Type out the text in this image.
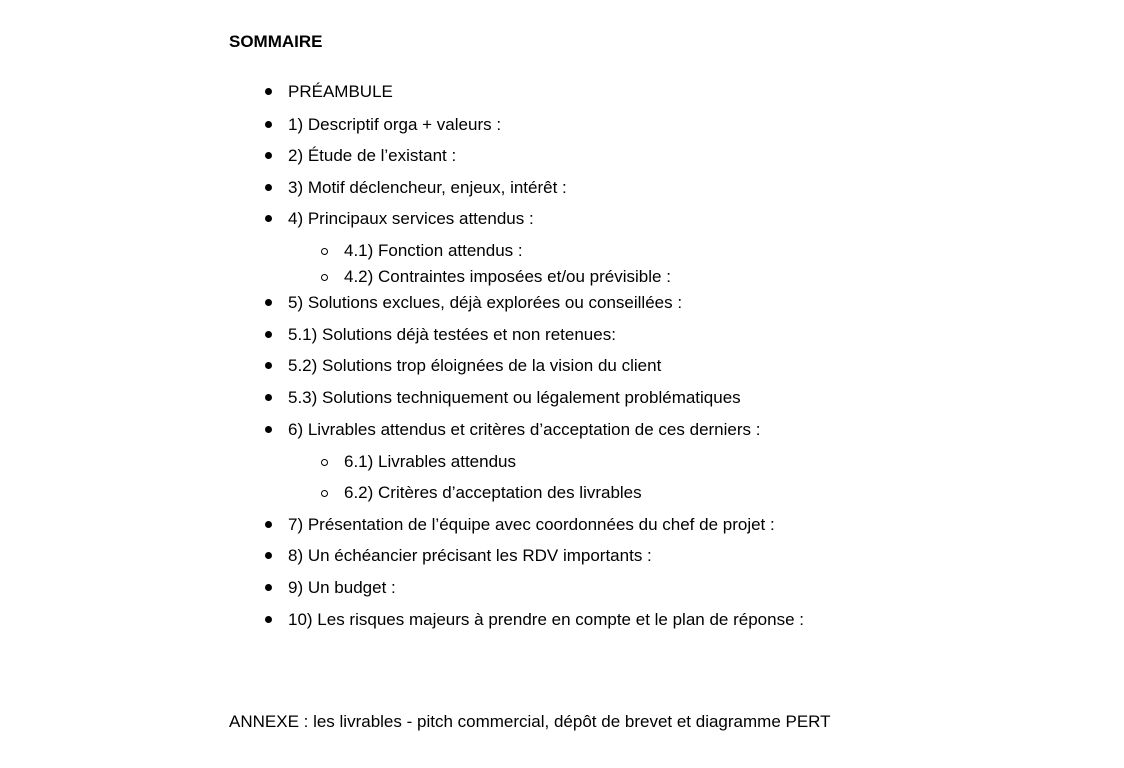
SOMMAIRE
PRÉAMBULE
1) Descriptif orga + valeurs :
2) Étude de l’existant :
3) Motif déclencheur, enjeux, intérêt :
4) Principaux services attendus :
4.1) Fonction attendus :
4.2) Contraintes imposées et/ou prévisible :
5) Solutions exclues, déjà explorées ou conseillées :
5.1) Solutions déjà testées et non retenues:
5.2) Solutions trop éloignées de la vision du client
5.3) Solutions techniquement ou légalement problématiques
6) Livrables attendus et critères d’acceptation de ces derniers :
6.1) Livrables attendus
6.2) Critères d’acceptation des livrables
7) Présentation de l’équipe avec coordonnées du chef de projet :
8) Un échéancier précisant les RDV importants :
9) Un budget :
10) Les risques majeurs à prendre en compte et le plan de réponse :

ANNEXE : les livrables - pitch commercial, dépôt de brevet et diagramme PERT
